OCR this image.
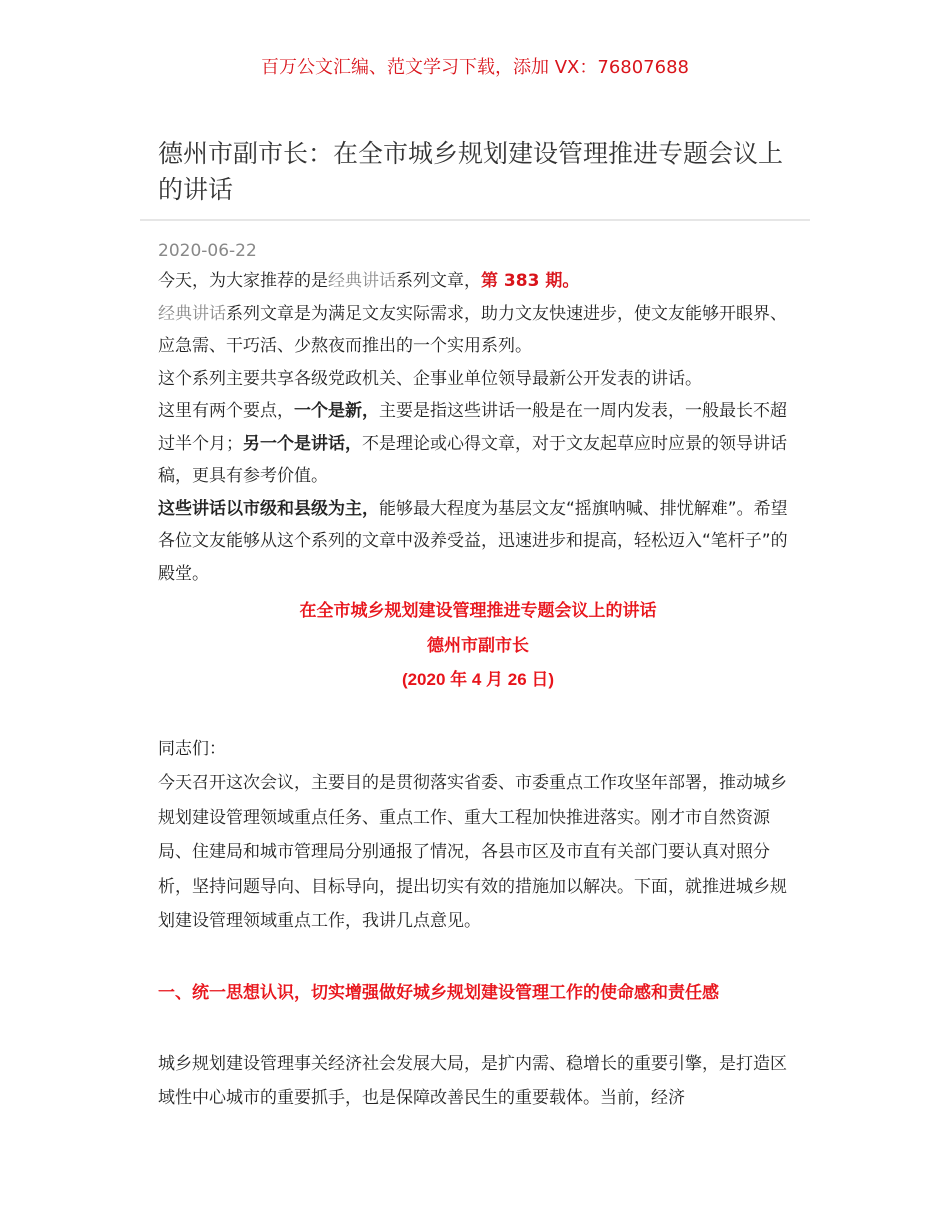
百万公文汇编、范文学习下载，添加 VX：76807688
德州市副市长：在全市城乡规划建设管理推进专题会议上的讲话
2020-06-22

今天，为大家推荐的是经典讲话系列文章，第 383 期。

经典讲话系列文章是为满足文友实际需求，助力文友快速进步，使文友能够开眼界、应急需、干巧活、少熬夜而推出的一个实用系列。

这个系列主要共享各级党政机关、企事业单位领导最新公开发表的讲话。

这里有两个要点，一个是新，主要是指这些讲话一般是在一周内发表，一般最长不超过半个月；另一个是讲话，不是理论或心得文章，对于文友起草应时应景的领导讲话稿，更具有参考价值。

这些讲话以市级和县级为主，能够最大程度为基层文友“摇旗呐喊、排忧解难”。希望各位文友能够从这个系列的文章中汲养受益，迅速进步和提高，轻松迈入“笔杆子”的殿堂。

在全市城乡规划建设管理推进专题会议上的讲话

德州市副市长

(2020 年 4 月 26 日)

同志们：

今天召开这次会议，主要目的是贯彻落实省委、市委重点工作攻坚年部署，推动城乡规划建设管理领域重点任务、重点工作、重大工程加快推进落实。刚才市自然资源局、住建局和城市管理局分别通报了情况，各县市区及市直有关部门要认真对照分析，坚持问题导向、目标导向，提出切实有效的措施加以解决。下面，就推进城乡规划建设管理领域重点工作，我讲几点意见。

一、统一思想认识，切实增强做好城乡规划建设管理工作的使命感和责任感

城乡规划建设管理事关经济社会发展大局，是扩内需、稳增长的重要引擎，是打造区域性中心城市的重要抓手，也是保障改善民生的重要载体。当前，经济
